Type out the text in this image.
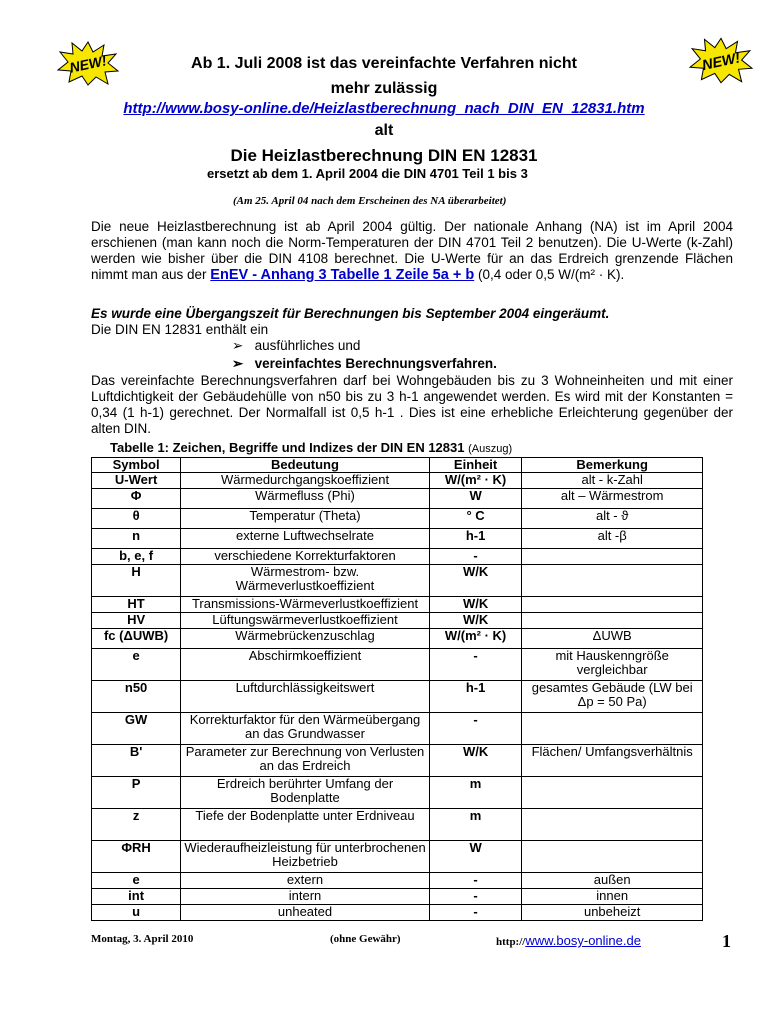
NEW!	NEW!
Ab 1. Juli 2008 ist das vereinfachte Verfahren nicht
mehr zulässig
http://www.bosy-online.de/Heizlastberechnung_nach_DIN_EN_12831.htm
alt
Die Heizlastberechnung DIN EN 12831
ersetzt ab dem 1. April 2004 die DIN 4701 Teil 1 bis 3
(Am 25. April 04 nach dem Erscheinen des NA überarbeitet)

Die neue Heizlastberechnung ist ab April 2004 gültig. Der nationale Anhang (NA) ist im April 2004 erschienen (man kann noch die Norm-Temperaturen der DIN 4701 Teil 2 benutzen). Die U-Werte (k-Zahl) werden wie bisher über die DIN 4108 berechnet. Die U-Werte für an das Erdreich grenzende Flächen nimmt man aus der EnEV - Anhang 3 Tabelle 1 Zeile 5a + b (0,4 oder 0,5 W/(m² · K).

Es wurde eine Übergangszeit für Berechnungen bis September 2004 eingeräumt.
Die DIN EN 12831 enthält ein
➢ ausführliches und
➢ vereinfachtes Berechnungsverfahren.

Das vereinfachte Berechnungsverfahren darf bei Wohngebäuden bis zu 3 Wohneinheiten und mit einer Luftdichtigkeit der Gebäudehülle von n50 bis zu 3 h-1 angewendet werden. Es wird mit der Konstanten = 0,34 (1 h-1) gerechnet. Der Normalfall ist 0,5 h-1 . Dies ist eine erhebliche Erleichterung gegenüber der alten DIN.

Tabelle 1: Zeichen, Begriffe und Indizes der DIN EN 12831 (Auszug)
Symbol	Bedeutung	Einheit	Bemerkung
U-Wert	Wärmedurchgangskoeffizient	W/(m² · K)	alt - k-Zahl
Φ	Wärmefluss (Phi)	W	alt – Wärmestrom
θ	Temperatur (Theta)	° C	alt - ϑ
n	externe Luftwechselrate	h-1	alt -β
b, e, f	verschiedene Korrekturfaktoren	-	
H	Wärmestrom- bzw. Wärmeverlustkoeffizient	W/K	
HT	Transmissions-Wärmeverlustkoeffizient	W/K	
HV	Lüftungswärmeverlustkoeffizient	W/K	
fc (ΔUWB)	Wärmebrückenzuschlag	W/(m² · K)	ΔUWB
e	Abschirmkoeffizient	-	mit Hauskenngröße vergleichbar
n50	Luftdurchlässigkeitswert	h-1	gesamtes Gebäude (LW bei Δp = 50 Pa)
GW	Korrekturfaktor für den Wärmeübergang an das Grundwasser	-	
B'	Parameter zur Berechnung von Verlusten an das Erdreich	W/K	Flächen/ Umfangsverhältnis
P	Erdreich berührter Umfang der Bodenplatte	m	
z	Tiefe der Bodenplatte unter Erdniveau	m	
ΦRH	Wiederaufheizleistung für unterbrochenen Heizbetrieb	W	
e	extern	-	außen
int	intern	-	innen
u	unheated	-	unbeheizt
Montag, 3. April 2010	(ohne Gewähr)	http://www.bosy-online.de	1
